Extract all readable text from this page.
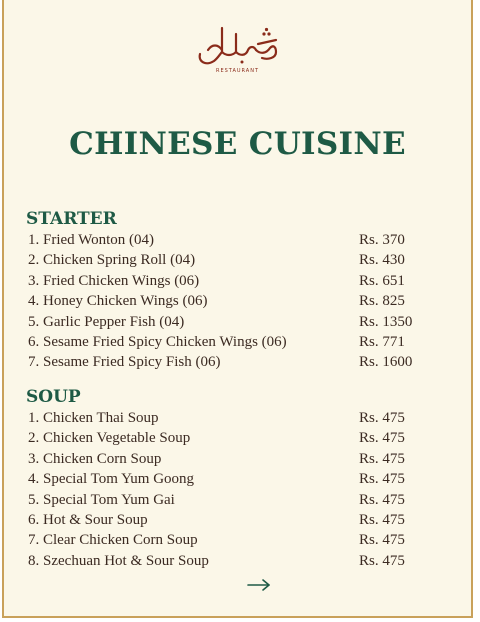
RESTAURANT
CHINESE CUISINE
STARTER
1. Fried Wonton (04)	Rs. 370
2. Chicken Spring Roll (04)	Rs. 430
3. Fried Chicken Wings (06)	Rs. 651
4. Honey Chicken Wings (06)	Rs. 825
5. Garlic Pepper Fish (04)	Rs. 1350
6. Sesame Fried Spicy Chicken Wings (06)	Rs. 771
7. Sesame Fried Spicy Fish (06)	Rs. 1600
SOUP
1. Chicken Thai Soup	Rs. 475
2. Chicken Vegetable Soup	Rs. 475
3. Chicken Corn Soup	Rs. 475
4. Special Tom Yum Goong	Rs. 475
5. Special Tom Yum Gai	Rs. 475
6. Hot & Sour Soup	Rs. 475
7. Clear Chicken Corn Soup	Rs. 475
8. Szechuan Hot & Sour Soup	Rs. 475
